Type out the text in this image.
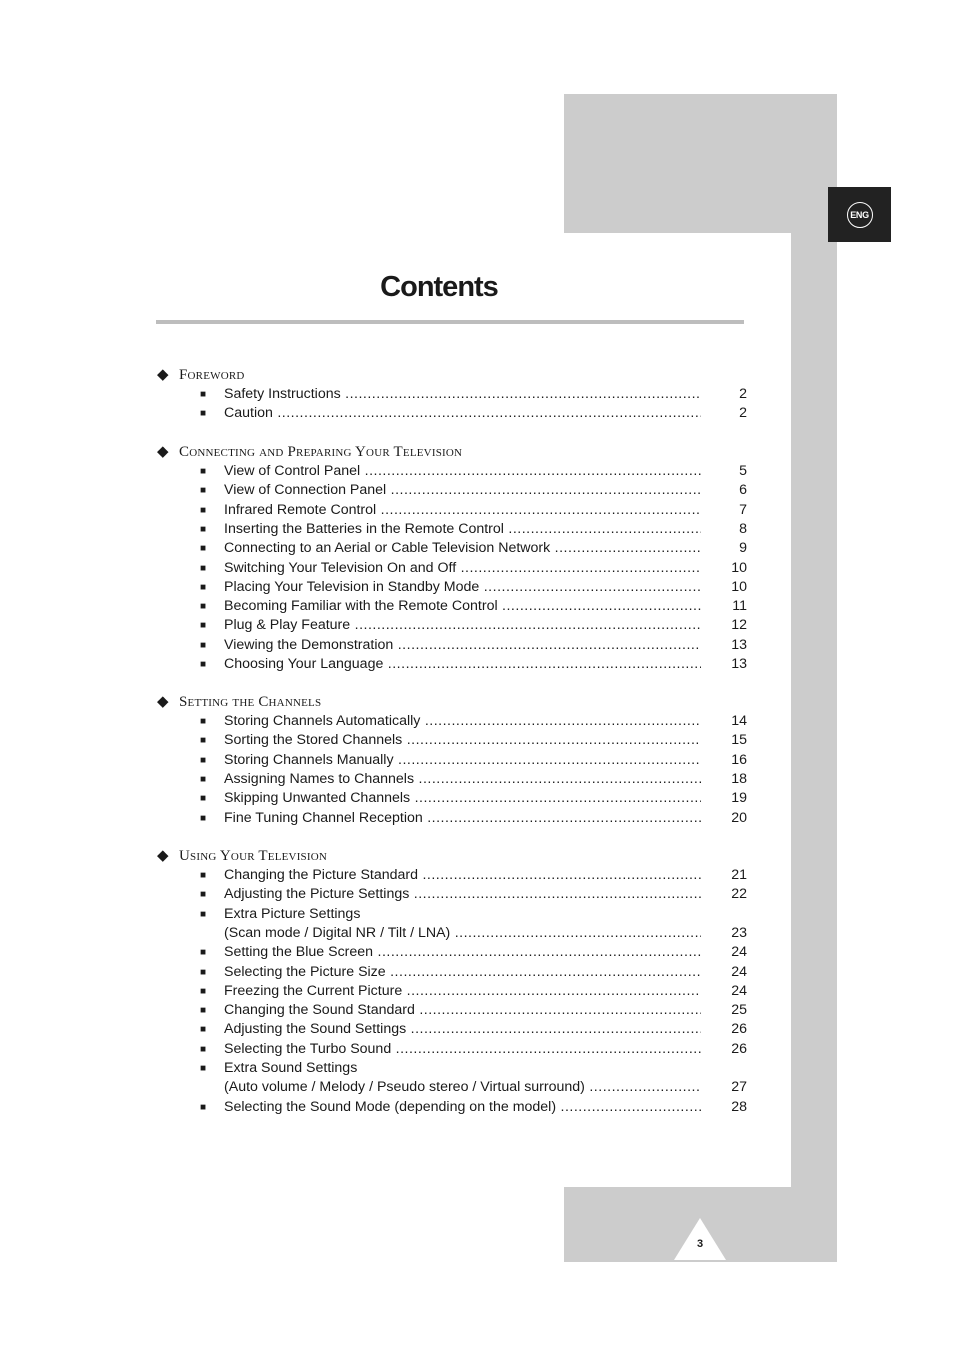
ENG
Contents
◆ Foreword
■ Safety Instructions .....	2
■ Caution .....	2
◆ Connecting and Preparing Your Television
■ View of Control Panel .....	5
■ View of Connection Panel .....	6
■ Infrared Remote Control .....	7
■ Inserting the Batteries in the Remote Control .....	8
■ Connecting to an Aerial or Cable Television Network .....	9
■ Switching Your Television On and Off .....	10
■ Placing Your Television in Standby Mode .....	10
■ Becoming Familiar with the Remote Control .....	11
■ Plug & Play Feature .....	12
■ Viewing the Demonstration .....	13
■ Choosing Your Language .....	13
◆ Setting the Channels
■ Storing Channels Automatically .....	14
■ Sorting the Stored Channels .....	15
■ Storing Channels Manually .....	16
■ Assigning Names to Channels .....	18
■ Skipping Unwanted Channels .....	19
■ Fine Tuning Channel Reception .....	20
◆ Using Your Television
■ Changing the Picture Standard .....	21
■ Adjusting the Picture Settings .....	22
■ Extra Picture Settings
(Scan mode / Digital NR / Tilt / LNA) .....	23
■ Setting the Blue Screen .....	24
■ Selecting the Picture Size .....	24
■ Freezing the Current Picture .....	24
■ Changing the Sound Standard .....	25
■ Adjusting the Sound Settings .....	26
■ Selecting the Turbo Sound .....	26
■ Extra Sound Settings
(Auto volume / Melody / Pseudo stereo / Virtual surround) .....	27
■ Selecting the Sound Mode (depending on the model) .....	28
3
